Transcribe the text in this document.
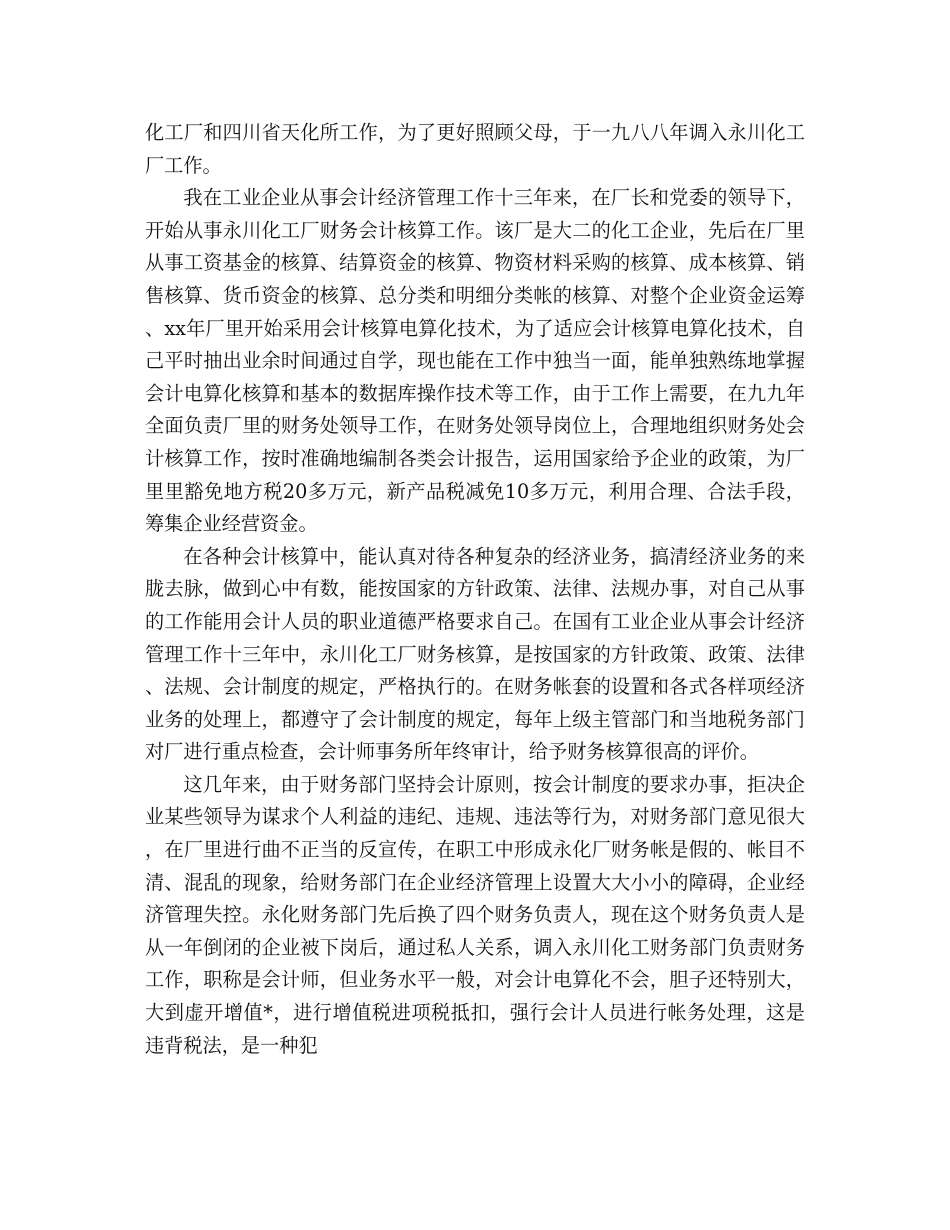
化工厂和四川省天化所工作，为了更好照顾父母，于一九八八年调入永川化工厂工作。

我在工业企业从事会计经济管理工作十三年来，在厂长和党委的领导下，开始从事永川化工厂财务会计核算工作。该厂是大二的化工企业，先后在厂里从事工资基金的核算、结算资金的核算、物资材料采购的核算、成本核算、销售核算、货币资金的核算、总分类和明细分类帐的核算、对整个企业资金运筹、xx年厂里开始采用会计核算电算化技术，为了适应会计核算电算化技术，自己平时抽出业余时间通过自学，现也能在工作中独当一面，能单独熟练地掌握会计电算化核算和基本的数据库操作技术等工作，由于工作上需要，在九九年全面负责厂里的财务处领导工作，在财务处领导岗位上，合理地组织财务处会计核算工作，按时准确地编制各类会计报告，运用国家给予企业的政策，为厂里里豁免地方税20多万元，新产品税减免10多万元，利用合理、合法手段，筹集企业经营资金。

在各种会计核算中，能认真对待各种复杂的经济业务，搞清经济业务的来胧去脉，做到心中有数，能按国家的方针政策、法律、法规办事，对自己从事的工作能用会计人员的职业道德严格要求自己。在国有工业企业从事会计经济管理工作十三年中，永川化工厂财务核算，是按国家的方针政策、政策、法律、法规、会计制度的规定，严格执行的。在财务帐套的设置和各式各样项经济业务的处理上，都遵守了会计制度的规定，每年上级主管部门和当地税务部门对厂进行重点检查，会计师事务所年终审计，给予财务核算很高的评价。

这几年来，由于财务部门坚持会计原则，按会计制度的要求办事，拒决企业某些领导为谋求个人利益的违纪、违规、违法等行为，对财务部门意见很大，在厂里进行曲不正当的反宣传，在职工中形成永化厂财务帐是假的、帐目不清、混乱的现象，给财务部门在企业经济管理上设置大大小小的障碍，企业经济管理失控。永化财务部门先后换了四个财务负责人，现在这个财务负责人是从一年倒闭的企业被下岗后，通过私人关系，调入永川化工财务部门负责财务工作，职称是会计师，但业务水平一般，对会计电算化不会，胆子还特别大，大到虚开增值*，进行增值税进项税抵扣，强行会计人员进行帐务处理，这是违背税法，是一种犯
